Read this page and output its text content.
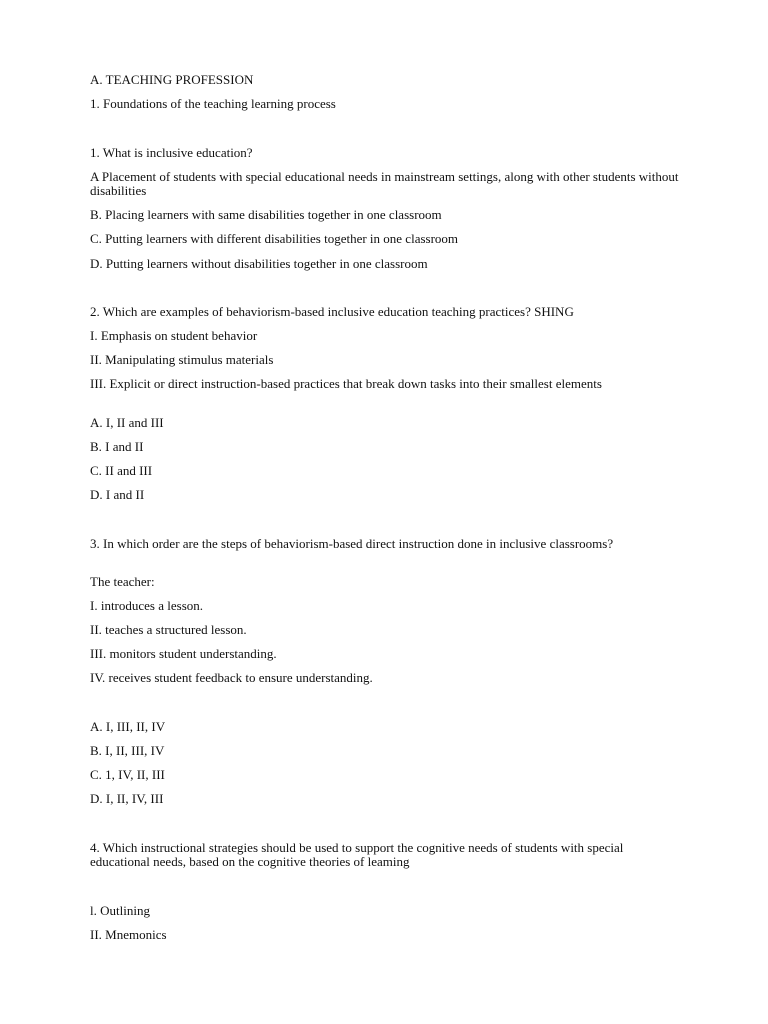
A. TEACHING PROFESSION
1. Foundations of the teaching learning process
1. What is inclusive education?
A Placement of students with special educational needs in mainstream settings, along with other students without disabilities
B. Placing learners with same disabilities together in one classroom
C. Putting learners with different disabilities together in one classroom
D. Putting learners without disabilities together in one classroom
2. Which are examples of behaviorism-based inclusive education teaching practices? SHING
I. Emphasis on student behavior
II. Manipulating stimulus materials
III. Explicit or direct instruction-based practices that break down tasks into their smallest elements
A. I, II and III
B. I and II
C. II and III
D. I and II
3. In which order are the steps of behaviorism-based direct instruction done in inclusive classrooms?
The teacher:
I. introduces a lesson.
II. teaches a structured lesson.
III. monitors student understanding.
IV. receives student feedback to ensure understanding.
A. I, III, II, IV
B. I, II, III, IV
C. 1, IV, II, III
D. I, II, IV, III
4. Which instructional strategies should be used to support the cognitive needs of students with special educational needs, based on the cognitive theories of leaming
l. Outlining
II. Mnemonics
